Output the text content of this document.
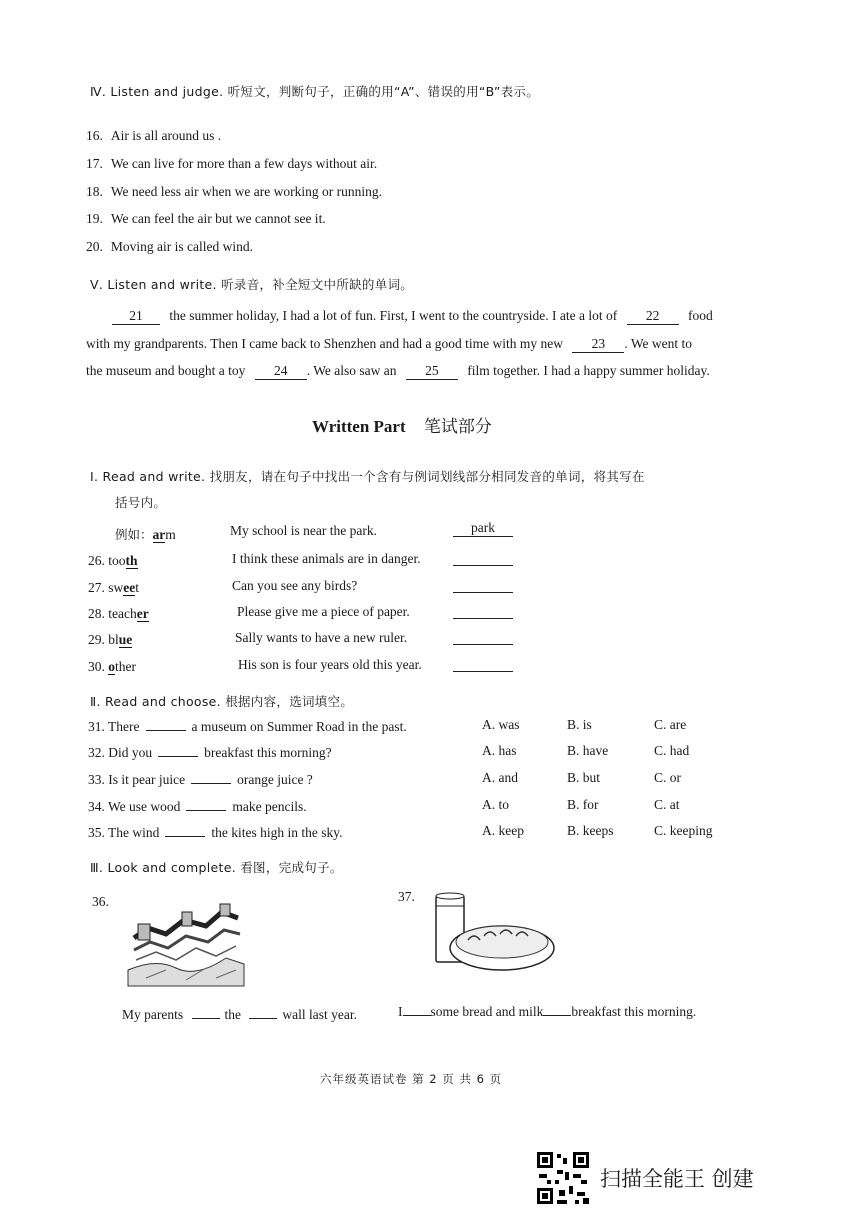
Ⅳ. Listen and judge. 听短文，判断句子，正确的用“A”、错误的用“B”表示。
16. Air is all around us .
17. We can live for more than a few days without air.
18. We need less air when we are working or running.
19. We can feel the air but we cannot see it.
20. Moving air is called wind.
Ⅴ. Listen and write. 听录音，补全短文中所缺的单词。
21 the summer holiday, I had a lot of fun. First, I went to the countryside. I ate a lot of 22 food
with my grandparents. Then I came back to Shenzhen and had a good time with my new 23 . We went to
the museum and bought a toy 24 . We also saw an 25 film together. I had a happy summer holiday.
Written Part 笔试部分
Ⅰ. Read and write. 找朋友，请在句子中找出一个含有与例词划线部分相同发音的单词，将其写在
括号内。
例如：arm	My school is near the park.	park
26. tooth	I think these animals are in danger.
27. sweet	Can you see any birds?
28. teacher	Please give me a piece of paper.
29. blue	Sally wants to have a new ruler.
30. other	His son is four years old this year.
Ⅱ. Read and choose. 根据内容，选词填空。
31. There	a museum on Summer Road in the past.	A. was	B. is	C. are
32. Did you	breakfast this morning?	A. has	B. have	C. had
33. Is it pear juice	orange juice ?	A. and	B. but	C. or
34. We use wood	make pencils.	A. to	B. for	C. at
35. The wind	the kites high in the sky.	A. keep	B. keeps	C. keeping
Ⅲ. Look and complete. 看图，完成句子。
36.
My parents	the	wall last year.
37.
I some bread and milk breakfast this morning.
六年级英语试卷 第 2 页 共 6 页
扫描全能王 创建
